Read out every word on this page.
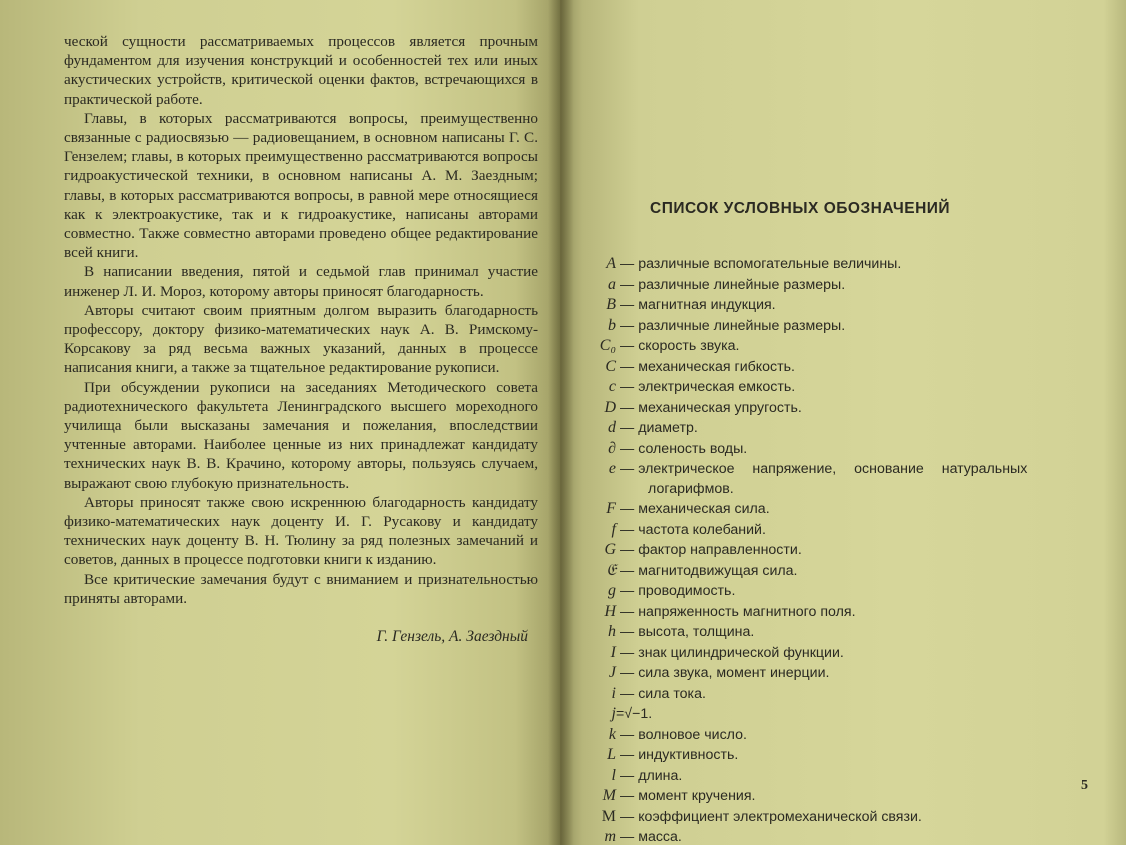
ческой сущности рассматриваемых процессов является прочным фундаментом для изучения конструкций и особенностей тех или иных акустических устройств, критической оценки фактов, встречающихся в практической работе.

Главы, в которых рассматриваются вопросы, преимущественно связанные с радиосвязью — радиовещанием, в основном написаны Г. С. Гензелем; главы, в которых преимущественно рассматриваются вопросы гидроакустической техники, в основном написаны А. М. Заездным; главы, в которых рассматриваются вопросы, в равной мере относящиеся как к электроакустике, так и к гидроакустике, написаны авторами совместно. Также совместно авторами проведено общее редактирование всей книги.

В написании введения, пятой и седьмой глав принимал участие инженер Л. И. Мороз, которому авторы приносят благодарность.

Авторы считают своим приятным долгом выразить благодарность профессору, доктору физико-математических наук А. В. Римскому-Корсакову за ряд весьма важных указаний, данных в процессе написания книги, а также за тщательное редактирование рукописи.

При обсуждении рукописи на заседаниях Методического совета радиотехнического факультета Ленинградского высшего мореходного училища были высказаны замечания и пожелания, впоследствии учтенные авторами. Наиболее ценные из них принадлежат кандидату технических наук В. В. Крачино, которому авторы, пользуясь случаем, выражают свою глубокую признательность.

Авторы приносят также свою искреннюю благодарность кандидату физико-математических наук доценту И. Г. Русакову и кандидату технических наук доценту В. Н. Тюлину за ряд полезных замечаний и советов, данных в процессе подготовки книги к изданию.

Все критические замечания будут с вниманием и признательностью приняты авторами.

Г. Гензель, А. Заездный
СПИСОК УСЛОВНЫХ ОБОЗНАЧЕНИЙ
A — различные вспомогательные величины.
a — различные линейные размеры.
B — магнитная индукция.
b — различные линейные размеры.
C₀ — скорость звука.
C — механическая гибкость.
c — электрическая емкость.
D — механическая упругость.
d — диаметр.
∂ — соленость воды.
e — электрическое напряжение, основание натуральных
логарифмов.
F — механическая сила.
f — частота колебаний.
G — фактор направленности.
𝔈 — магнитодвижущая сила.
g — проводимость.
H — напряженность магнитного поля.
h — высота, толщина.
I — знак цилиндрической функции.
J — сила звука, момент инерции.
i — сила тока.
j =√−1.
k — волновое число.
L — индуктивность.
l — длина.
M — момент кручения.
M — коэффициент электромеханической связи.
m — масса.
5
